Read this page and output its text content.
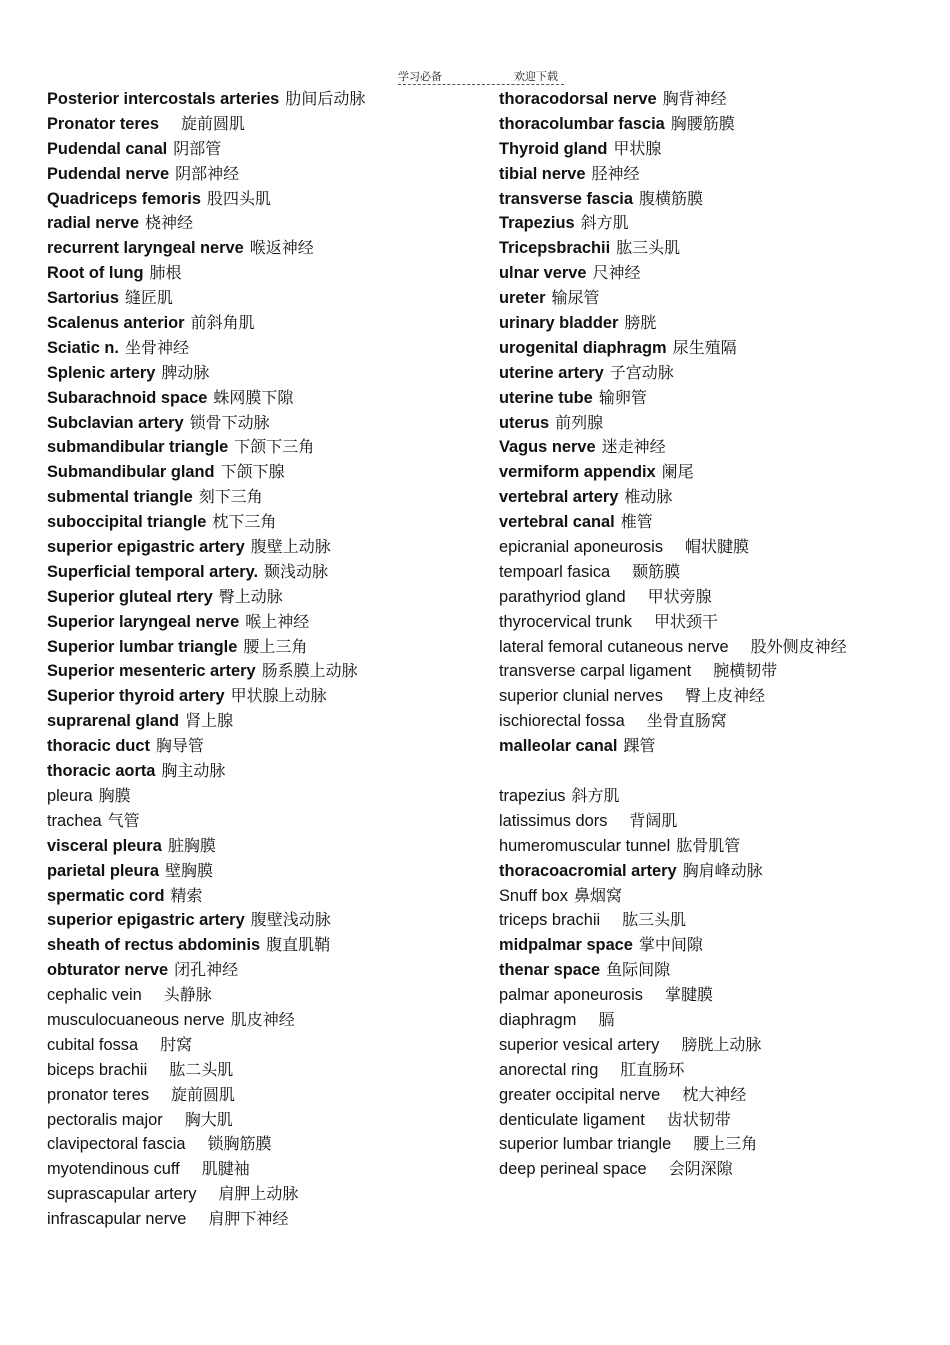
学习必备	欢迎下载
Posterior intercostals arteries 肋间后动脉
Pronator teres 旋前圆肌
Pudendal canal 阴部管
Pudendal nerve 阴部神经
Quadriceps femoris 股四头肌
radial nerve 桡神经
recurrent laryngeal nerve 喉返神经
Root of lung 肺根
Sartorius 缝匠肌
Scalenus anterior 前斜角肌
Sciatic n. 坐骨神经
Splenic artery 脾动脉
Subarachnoid space 蛛网膜下隙
Subclavian artery 锁骨下动脉
submandibular triangle 下颌下三角
Submandibular gland 下颌下腺
submental triangle 刻下三角
suboccipital triangle 枕下三角
superior epigastric artery 腹壁上动脉
Superficial temporal artery. 颞浅动脉
Superior gluteal rtery 臀上动脉
Superior laryngeal nerve 喉上神经
Superior lumbar triangle 腰上三角
Superior mesenteric artery 肠系膜上动脉
Superior thyroid artery 甲状腺上动脉
suprarenal gland 肾上腺
thoracic duct 胸导管
thoracic aorta 胸主动脉
pleura 胸膜
trachea 气管
visceral pleura 脏胸膜
parietal pleura 壁胸膜
spermatic cord 精索
superior epigastric artery 腹壁浅动脉
sheath of rectus abdominis 腹直肌鞘
obturator nerve 闭孔神经
cephalic vein 头静脉
musculocuaneous nerve 肌皮神经
cubital fossa 肘窝
biceps brachii 肱二头肌
pronator teres 旋前圆肌
pectoralis major 胸大肌
clavipectoral fascia 锁胸筋膜
myotendinous cuff 肌腱袖
suprascapular artery 肩胛上动脉
infrascapular nerve 肩胛下神经
thoracodorsal nerve 胸背神经
thoracolumbar fascia 胸腰筋膜
Thyroid gland 甲状腺
tibial nerve 胫神经
transverse fascia 腹横筋膜
Trapezius 斜方肌
Tricepsbrachii 肱三头肌
ulnar verve 尺神经
ureter 输尿管
urinary bladder 膀胱
urogenital diaphragm 尿生殖隔
uterine artery 子宫动脉
uterine tube 输卵管
uterus 前列腺
Vagus nerve 迷走神经
vermiform appendix 阑尾
vertebral artery 椎动脉
vertebral canal 椎管
epicranial aponeurosis 帽状腱膜
tempoarl fasica 颞筋膜
parathyriod gland 甲状旁腺
thyrocervical trunk 甲状颈干
lateral femoral cutaneous nerve 股外侧皮神经
transverse carpal ligament 腕横韧带
superior clunial nerves 臀上皮神经
ischiorectal fossa 坐骨直肠窝
malleolar canal 踝管
trapezius 斜方肌
latissimus dors 背阔肌
humeromuscular tunnel 肱骨肌管
thoracoacromial artery 胸肩峰动脉
Snuff box 鼻烟窝
triceps brachii 肱三头肌
midpalmar space 掌中间隙
thenar space 鱼际间隙
palmar aponeurosis 掌腱膜
diaphragm 膈
superior vesical artery 膀胱上动脉
anorectal ring 肛直肠环
greater occipital nerve 枕大神经
denticulate ligament 齿状韧带
superior lumbar triangle 腰上三角
deep perineal space 会阴深隙
